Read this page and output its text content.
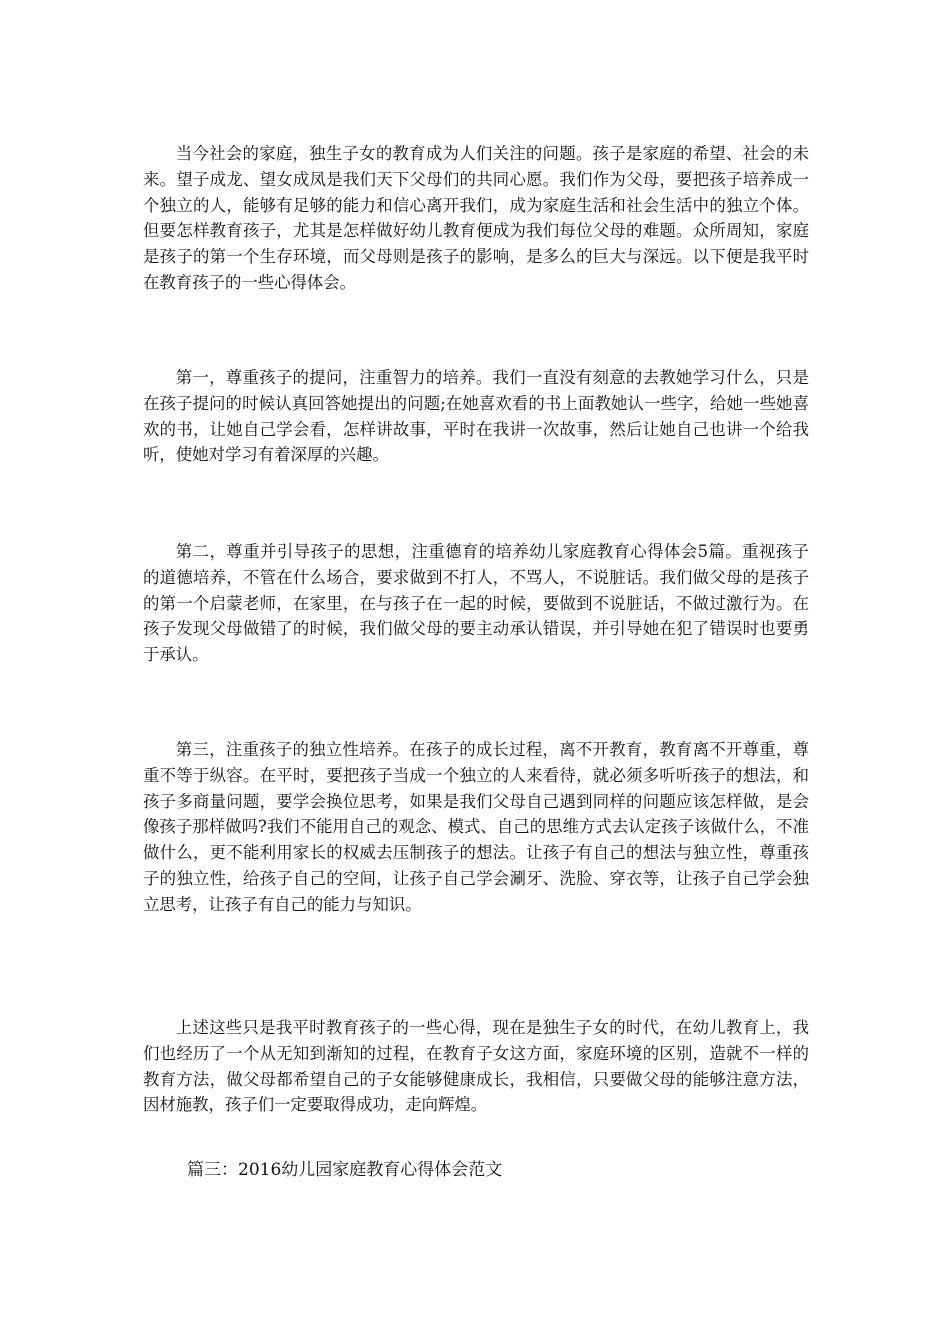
当今社会的家庭，独生子女的教育成为人们关注的问题。孩子是家庭的希望、社会的未来。望子成龙、望女成凤是我们天下父母们的共同心愿。我们作为父母，要把孩子培养成一个独立的人，能够有足够的能力和信心离开我们，成为家庭生活和社会生活中的独立个体。但要怎样教育孩子，尤其是怎样做好幼儿教育便成为我们每位父母的难题。众所周知，家庭是孩子的第一个生存环境，而父母则是孩子的影响，是多么的巨大与深远。以下便是我平时在教育孩子的一些心得体会。

第一，尊重孩子的提问，注重智力的培养。我们一直没有刻意的去教她学习什么，只是在孩子提问的时候认真回答她提出的问题;在她喜欢看的书上面教她认一些字，给她一些她喜欢的书，让她自己学会看，怎样讲故事，平时在我讲一次故事，然后让她自己也讲一个给我听，使她对学习有着深厚的兴趣。

第二，尊重并引导孩子的思想，注重德育的培养幼儿家庭教育心得体会5篇。重视孩子的道德培养，不管在什么场合，要求做到不打人，不骂人，不说脏话。我们做父母的是孩子的第一个启蒙老师，在家里，在与孩子在一起的时候，要做到不说脏话，不做过激行为。在孩子发现父母做错了的时候，我们做父母的要主动承认错误，并引导她在犯了错误时也要勇于承认。

第三，注重孩子的独立性培养。在孩子的成长过程，离不开教育，教育离不开尊重，尊重不等于纵容。在平时，要把孩子当成一个独立的人来看待，就必须多听听孩子的想法，和孩子多商量问题，要学会换位思考，如果是我们父母自己遇到同样的问题应该怎样做，是会像孩子那样做吗?我们不能用自己的观念、模式、自己的思维方式去认定孩子该做什么，不准做什么，更不能利用家长的权威去压制孩子的想法。让孩子有自己的想法与独立性，尊重孩子的独立性，给孩子自己的空间，让孩子自己学会涮牙、洗脸、穿衣等，让孩子自己学会独立思考，让孩子有自己的能力与知识。

上述这些只是我平时教育孩子的一些心得，现在是独生子女的时代，在幼儿教育上，我们也经历了一个从无知到渐知的过程，在教育子女这方面，家庭环境的区别，造就不一样的教育方法，做父母都希望自己的子女能够健康成长，我相信，只要做父母的能够注意方法，因材施教，孩子们一定要取得成功，走向辉煌。

篇三：2016幼儿园家庭教育心得体会范文
